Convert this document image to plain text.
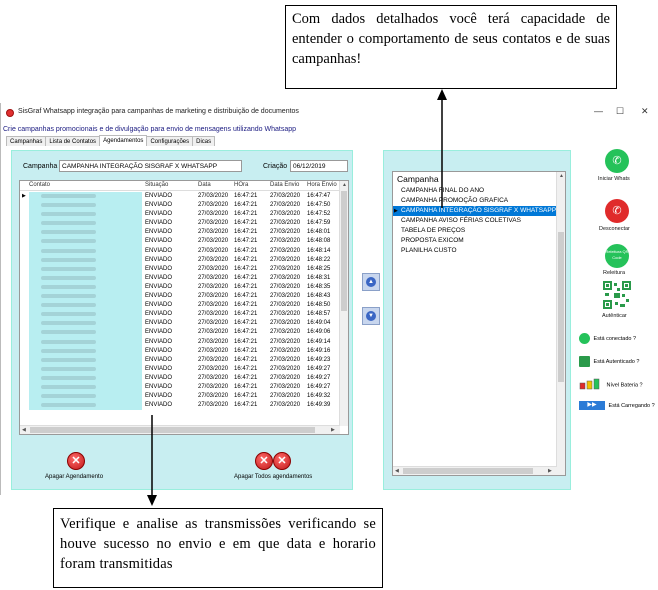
Com dados detalhados você terá capacidade de entender o comportamento de seus contatos e de suas campanhas!
SisGraf Whatsapp integração para campanhas de marketing e distribuição de documentos	— ☐ ✕
Crie campanhas promocionais e de divulgação para envio de mensagens utilizando Whatsapp
Campanhas	Lista de Contatos	Agendamentos	Configurações	Dicas
Campanha CAMPANHA INTEGRAÇÃO SISGRAF X WHATSAPP	Criação 06/12/2019
Contato	Situação	Data	HOra	Data Envio Hora Envio
▶	ENVIADO	27/03/2020 16:47:21 27/03/2020 16:47:47
ENVIADO	27/03/2020 16:47:21 27/03/2020 16:47:50
ENVIADO	27/03/2020 16:47:21 27/03/2020 16:47:52
ENVIADO	27/03/2020 16:47:21 27/03/2020 16:47:59
ENVIADO	27/03/2020 16:47:21 27/03/2020 16:48:01
ENVIADO	27/03/2020 16:47:21 27/03/2020 16:48:08
ENVIADO	27/03/2020 16:47:21 27/03/2020 16:48:14
ENVIADO	27/03/2020 16:47:21 27/03/2020 16:48:22
ENVIADO	27/03/2020 16:47:21 27/03/2020 16:48:25
ENVIADO	27/03/2020 16:47:21 27/03/2020 16:48:31
ENVIADO	27/03/2020 16:47:21 27/03/2020 16:48:35
ENVIADO	27/03/2020 16:47:21 27/03/2020 16:48:43
ENVIADO	27/03/2020 16:47:21 27/03/2020 16:48:50
ENVIADO	27/03/2020 16:47:21 27/03/2020 16:48:57
ENVIADO	27/03/2020 16:47:21 27/03/2020 16:49:04
ENVIADO	27/03/2020 16:47:21 27/03/2020 16:49:06
ENVIADO	27/03/2020 16:47:21 27/03/2020 16:49:14
ENVIADO	27/03/2020 16:47:21 27/03/2020 16:49:16
ENVIADO	27/03/2020 16:47:21 27/03/2020 16:49:23
ENVIADO	27/03/2020 16:47:21 27/03/2020 16:49:27
ENVIADO	27/03/2020 16:47:21 27/03/2020 16:49:27
ENVIADO	27/03/2020 16:47:21 27/03/2020 16:49:27
ENVIADO	27/03/2020 16:47:21 27/03/2020 16:49:32
ENVIADO	27/03/2020 16:47:21 27/03/2020 16:49:39
▲
◀	▶
✕
Apagar Agendamento
✕ ✕
Apagar Todos agendamentos
▲
▼
Campanha
CAMPANHA FINAL DO ANO
CAMPANHA PROMOÇÃO GRAFICA
CAMPANHA INTEGRAÇÃO SISGRAF X WHATSAPP
▶
CAMPANHA AVISO FÉRIAS COLETIVAS
TABELA DE PREÇOS
PROPOSTA EXICOM
PLANILHA CUSTO
▲
◀	▶
✆
Iniciar Whats
✆
Desconectar
Releitura QR Code
Releitura
Autênticar
Está conectado ?
Está Autenticado ?
Nível Bateria ?
▶▶ Está Carregando ?
Verifique e analise as transmissões verificando se houve sucesso no envio e em que data e horario foram transmitidas
